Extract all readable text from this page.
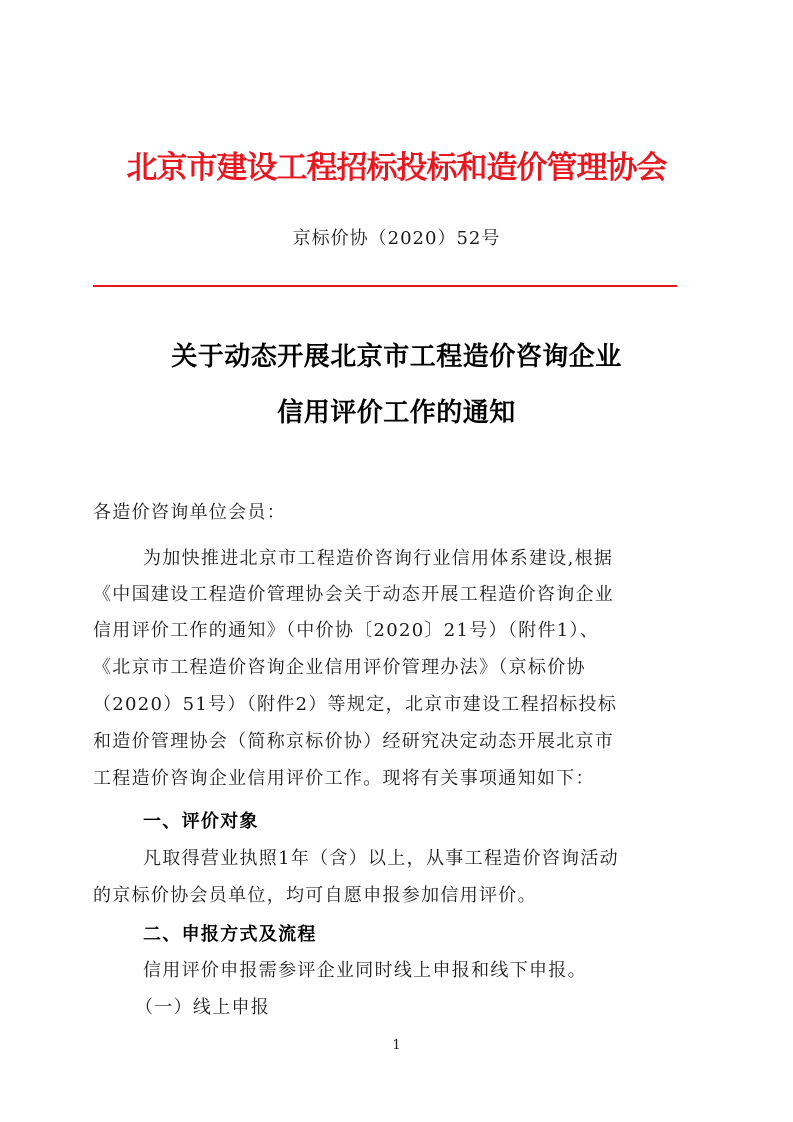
北京市建设工程招标投标和造价管理协会
京标价协（2020）52号
关于动态开展北京市工程造价咨询企业
信用评价工作的通知
各造价咨询单位会员：
为加快推进北京市工程造价咨询行业信用体系建设,根据
《中国建设工程造价管理协会关于动态开展工程造价咨询企业
信用评价工作的通知》（中价协〔2020〕21号）（附件1）、
《北京市工程造价咨询企业信用评价管理办法》（京标价协
（2020）51号）（附件2）等规定，北京市建设工程招标投标
和造价管理协会（简称京标价协）经研究决定动态开展北京市
工程造价咨询企业信用评价工作。现将有关事项通知如下：
一、评价对象
凡取得营业执照1年（含）以上，从事工程造价咨询活动
的京标价协会员单位，均可自愿申报参加信用评价。
二、申报方式及流程
信用评价申报需参评企业同时线上申报和线下申报。
（一）线上申报
1
